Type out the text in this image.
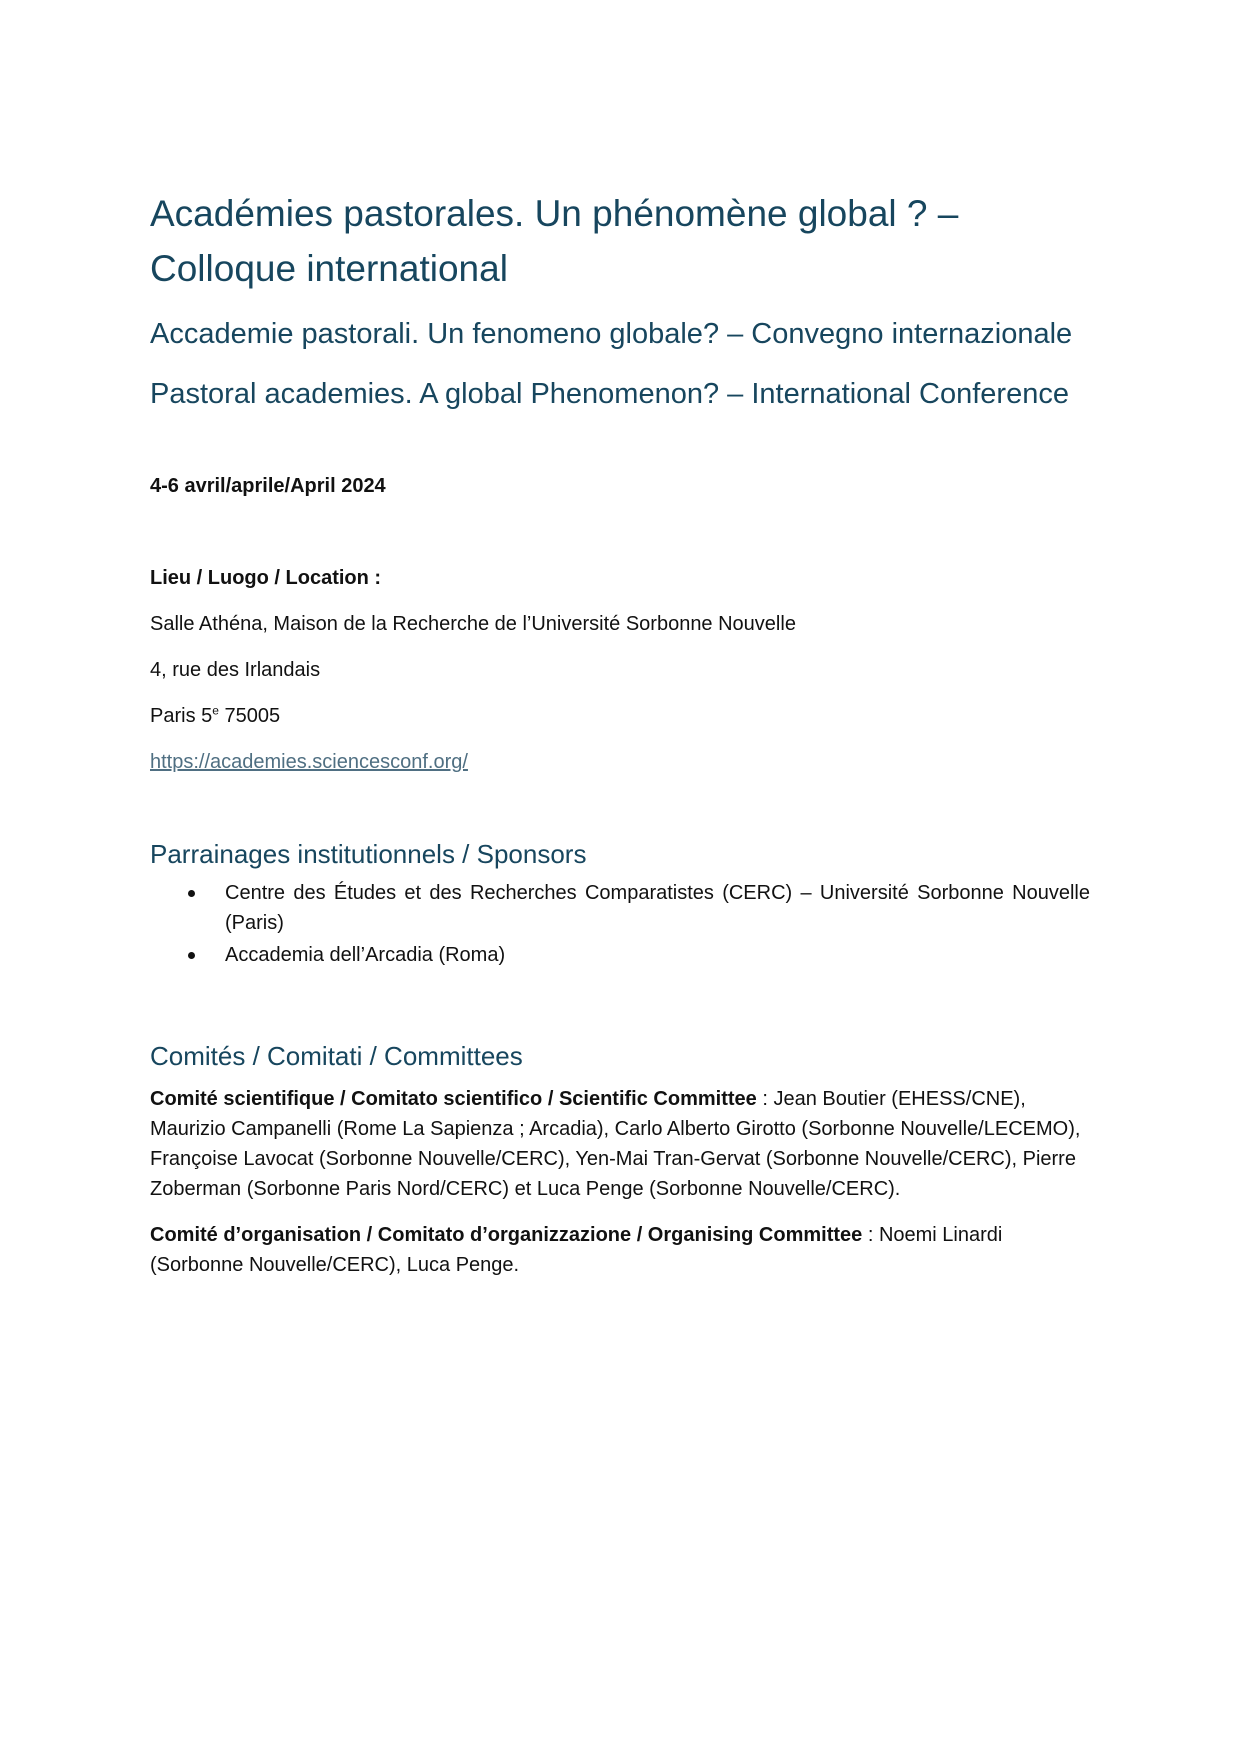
Académies pastorales. Un phénomène global ? – Colloque international
Accademie pastorali. Un fenomeno globale? – Convegno internazionale
Pastoral academies. A global Phenomenon? – International Conference

4-6 avril/aprile/April 2024

Lieu / Luogo / Location :

Salle Athéna, Maison de la Recherche de l’Université Sorbonne Nouvelle

4, rue des Irlandais

Paris 5e 75005

https://academies.sciencesconf.org/

Parrainages institutionnels / Sponsors
Centre des Études et des Recherches Comparatistes (CERC) – Université Sorbonne Nouvelle (Paris)
Accademia dell’Arcadia (Roma)
Comités / Comitati / Committees

Comité scientifique / Comitato scientifico / Scientific Committee : Jean Boutier (EHESS/CNE), Maurizio Campanelli (Rome La Sapienza ; Arcadia), Carlo Alberto Girotto (Sorbonne Nouvelle/LECEMO), Françoise Lavocat (Sorbonne Nouvelle/CERC), Yen-Mai Tran-Gervat (Sorbonne Nouvelle/CERC), Pierre Zoberman (Sorbonne Paris Nord/CERC) et Luca Penge (Sorbonne Nouvelle/CERC).

Comité d’organisation / Comitato d’organizzazione / Organising Committee : Noemi Linardi (Sorbonne Nouvelle/CERC), Luca Penge.
